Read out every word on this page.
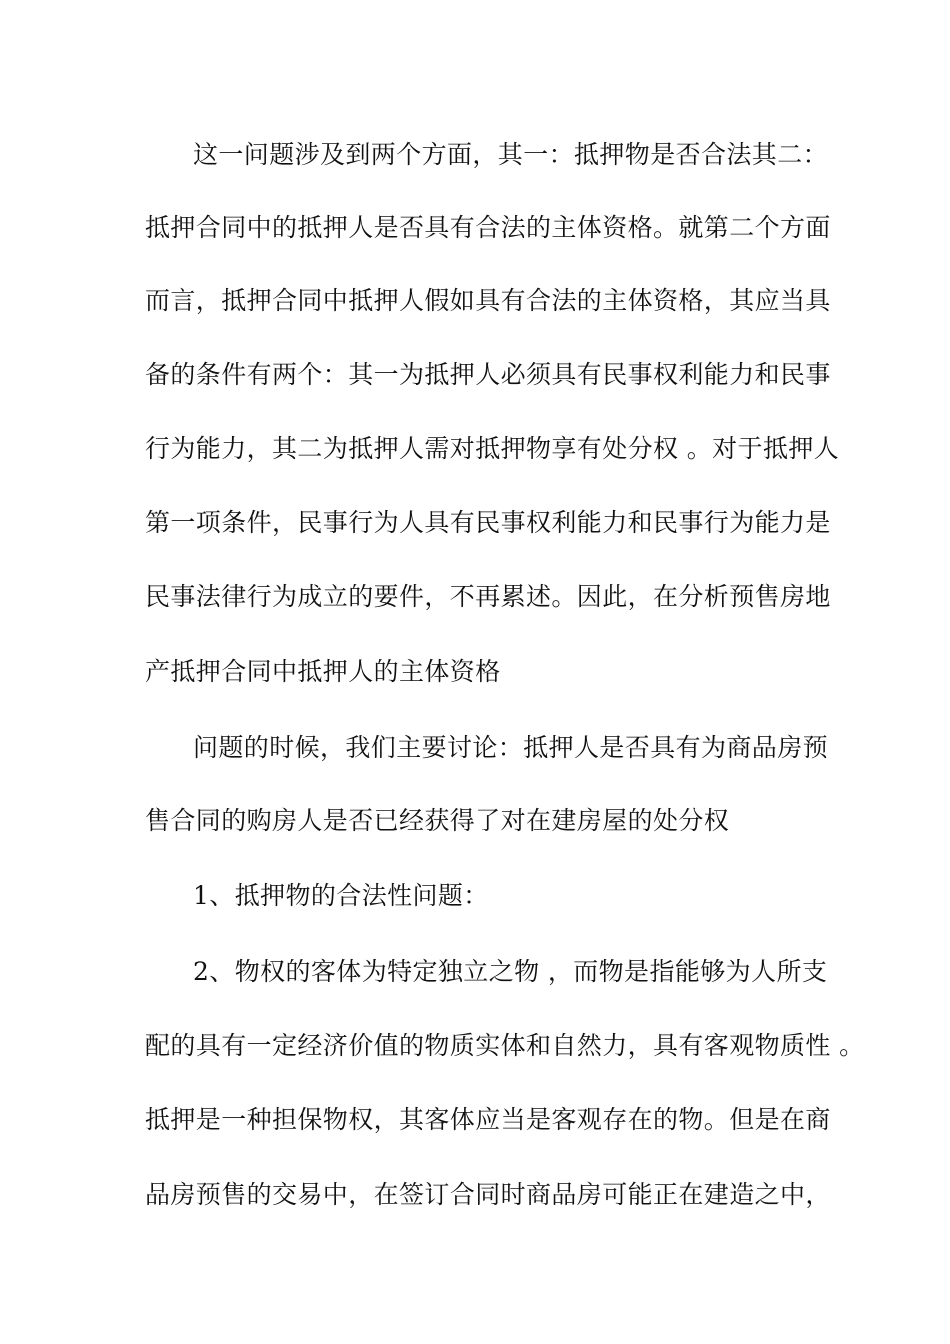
这一问题涉及到两个方面，其一：抵押物是否合法其二：
抵押合同中的抵押人是否具有合法的主体资格。就第二个方面
而言，抵押合同中抵押人假如具有合法的主体资格，其应当具
备的条件有两个：其一为抵押人必须具有民事权利能力和民事
行为能力，其二为抵押人需对抵押物享有处分权 。对于抵押人
第一项条件，民事行为人具有民事权利能力和民事行为能力是
民事法律行为成立的要件，不再累述。因此，在分析预售房地
产抵押合同中抵押人的主体资格
问题的时候，我们主要讨论：抵押人是否具有为商品房预
售合同的购房人是否已经获得了对在建房屋的处分权
1、抵押物的合法性问题：
2、物权的客体为特定独立之物 ，而物是指能够为人所支
配的具有一定经济价值的物质实体和自然力，具有客观物质性 。
抵押是一种担保物权，其客体应当是客观存在的物。但是在商
品房预售的交易中，在签订合同时商品房可能正在建造之中，
